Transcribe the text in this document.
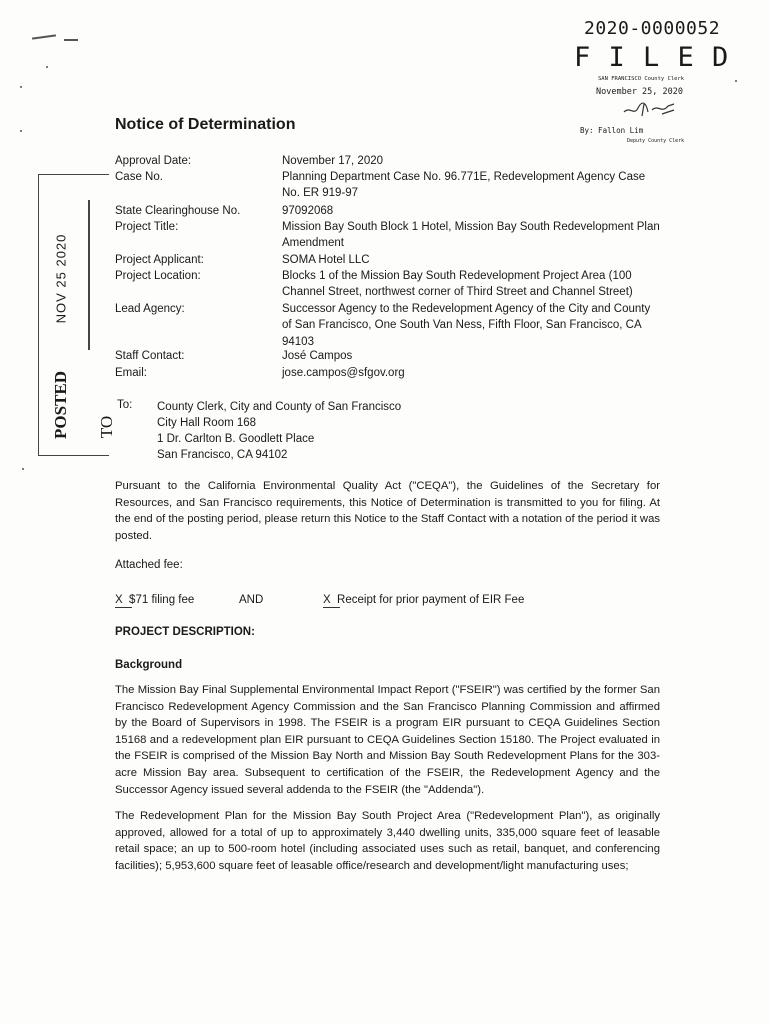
2020-0000052
F I L E D
SAN FRANCISCO County Clerk
November 25, 2020
By: Fallon Lim
Deputy County Clerk
Notice of Determination
NOV 25 2020
POSTED TO
Approval Date:	November 17, 2020
Case No.	Planning Department Case No. 96.771E, Redevelopment Agency Case No. ER 919-97
State Clearinghouse No.	97092068
Project Title:	Mission Bay South Block 1 Hotel, Mission Bay South Redevelopment Plan Amendment
Project Applicant:	SOMA Hotel LLC
Project Location:	Blocks 1 of the Mission Bay South Redevelopment Project Area (100 Channel Street, northwest corner of Third Street and Channel Street)
Lead Agency:	Successor Agency to the Redevelopment Agency of the City and County of San Francisco, One South Van Ness, Fifth Floor, San Francisco, CA 94103
Staff Contact:	José Campos
Email:	jose.campos@sfgov.org
To: County Clerk, City and County of San Francisco
City Hall Room 168
1 Dr. Carlton B. Goodlett Place
San Francisco, CA 94102
Pursuant to the California Environmental Quality Act ("CEQA"), the Guidelines of the Secretary for Resources, and San Francisco requirements, this Notice of Determination is transmitted to you for filing. At the end of the posting period, please return this Notice to the Staff Contact with a notation of the period it was posted.
Attached fee:
X  $71 filing fee	AND	X  Receipt for prior payment of EIR Fee
PROJECT DESCRIPTION:
Background
The Mission Bay Final Supplemental Environmental Impact Report ("FSEIR") was certified by the former San Francisco Redevelopment Agency Commission and the San Francisco Planning Commission and affirmed by the Board of Supervisors in 1998. The FSEIR is a program EIR pursuant to CEQA Guidelines Section 15168 and a redevelopment plan EIR pursuant to CEQA Guidelines Section 15180. The Project evaluated in the FSEIR is comprised of the Mission Bay North and Mission Bay South Redevelopment Plans for the 303-acre Mission Bay area. Subsequent to certification of the FSEIR, the Redevelopment Agency and the Successor Agency issued several addenda to the FSEIR (the "Addenda").
The Redevelopment Plan for the Mission Bay South Project Area ("Redevelopment Plan"), as originally approved, allowed for a total of up to approximately 3,440 dwelling units, 335,000 square feet of leasable retail space; an up to 500-room hotel (including associated uses such as retail, banquet, and conferencing facilities); 5,953,600 square feet of leasable office/research and development/light manufacturing uses;
